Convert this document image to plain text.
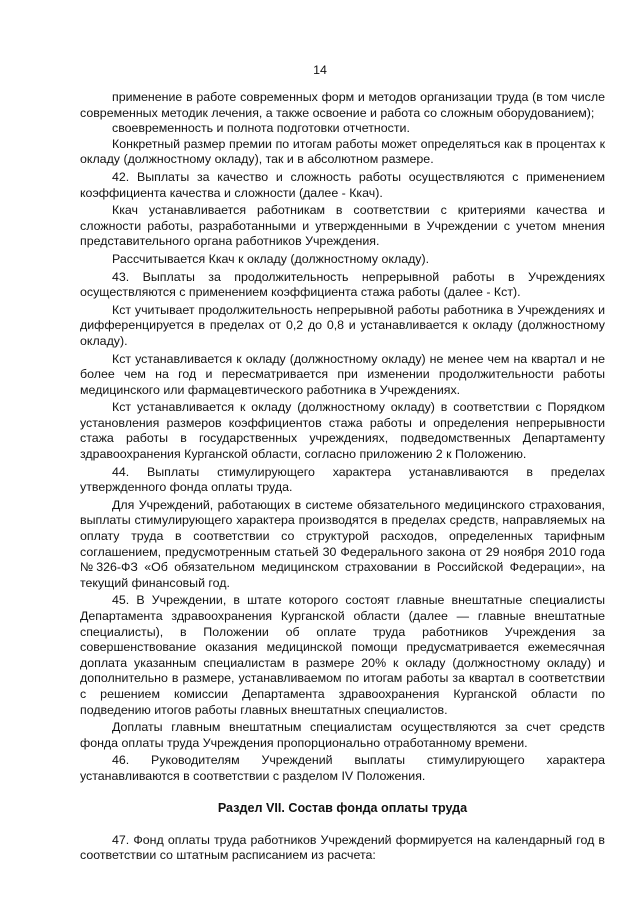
14

применение в работе современных форм и методов организации труда (в том числе современных методик лечения, а также освоение и работа со сложным оборудованием);

своевременность и полнота подготовки отчетности.

Конкретный размер премии по итогам работы может определяться как в процентах к окладу (должностному окладу), так и в абсолютном размере.

42. Выплаты за качество и сложность работы осуществляются с применением коэффициента качества и сложности (далее - Ккач).

Ккач устанавливается работникам в соответствии с критериями качества и сложности работы, разработанными и утвержденными в Учреждении с учетом мнения представительного органа работников Учреждения.

Рассчитывается Ккач к окладу (должностному окладу).

43. Выплаты за продолжительность непрерывной работы в Учреждениях осуществляются с применением коэффициента стажа работы (далее - Кст).

Кст учитывает продолжительность непрерывной работы работника в Учреждениях и дифференцируется в пределах от 0,2 до 0,8 и устанавливается к окладу (должностному окладу).

Кст устанавливается к окладу (должностному окладу) не менее чем на квартал и не более чем на год и пересматривается при изменении продолжительности работы медицинского или фармацевтического работника в Учреждениях.

Кст устанавливается к окладу (должностному окладу) в соответствии с Порядком установления размеров коэффициентов стажа работы и определения непрерывности стажа работы в государственных учреждениях, подведомственных Департаменту здравоохранения Курганской области, согласно приложению 2 к Положению.

44. Выплаты стимулирующего характера устанавливаются в пределах утвержденного фонда оплаты труда.

Для Учреждений, работающих в системе обязательного медицинского страхования, выплаты стимулирующего характера производятся в пределах средств, направляемых на оплату труда в соответствии со структурой расходов, определенных тарифным соглашением, предусмотренным статьей 30 Федерального закона от 29 ноября 2010 года №326-ФЗ «Об обязательном медицинском страховании в Российской Федерации», на текущий финансовый год.

45. В Учреждении, в штате которого состоят главные внештатные специалисты Департамента здравоохранения Курганской области (далее — главные внештатные специалисты), в Положении об оплате труда работников Учреждения за совершенствование оказания медицинской помощи предусматривается ежемесячная доплата указанным специалистам в размере 20% к окладу (должностному окладу) и дополнительно в размере, устанавливаемом по итогам работы за квартал в соответствии с решением комиссии Департамента здравоохранения Курганской области по подведению итогов работы главных внештатных специалистов.

Доплаты главным внештатным специалистам осуществляются за счет средств фонда оплаты труда Учреждения пропорционально отработанному времени.

46. Руководителям Учреждений выплаты стимулирующего характера устанавливаются в соответствии с разделом IV Положения.

Раздел VII. Состав фонда оплаты труда

47. Фонд оплаты труда работников Учреждений формируется на календарный год в соответствии со штатным расписанием из расчета:
